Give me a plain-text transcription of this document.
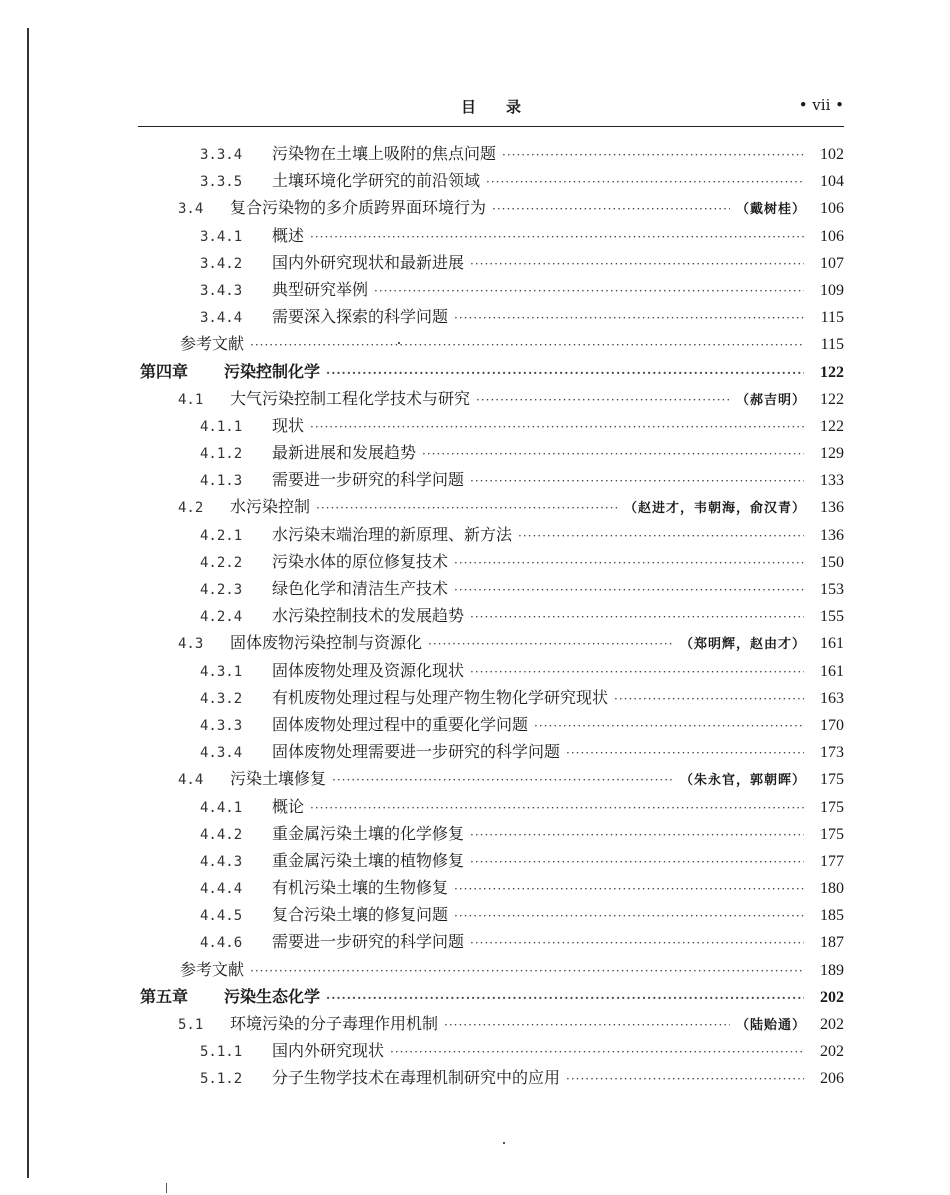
目录	• vii •
3.3.4	污染物在土壤上吸附的焦点问题 ·····	102
3.3.5	土壤环境化学研究的前沿领域 ·····	104
3.4	复合污染物的多介质跨界面环境行为 ·····	（戴树桂） 106
3.4.1	概述 ·····	106
3.4.2	国内外研究现状和最新进展 ·····	107
3.4.3	典型研究举例 ·····	109
3.4.4	需要深入探索的科学问题 ·····	115
参考文献 ·····	115
第四章	污染控制化学 ·····	122
4.1	大气污染控制工程化学技术与研究 ·····	（郝吉明） 122
4.1.1	现状 ·····	122
4.1.2	最新进展和发展趋势 ·····	129
4.1.3	需要进一步研究的科学问题 ·····	133
4.2	水污染控制 ·····	（赵进才，韦朝海，俞汉青） 136
4.2.1	水污染末端治理的新原理、新方法 ·····	136
4.2.2	污染水体的原位修复技术 ·····	150
4.2.3	绿色化学和清洁生产技术 ·····	153
4.2.4	水污染控制技术的发展趋势 ·····	155
4.3	固体废物污染控制与资源化 ·····	（郑明辉，赵由才） 161
4.3.1	固体废物处理及资源化现状 ·····	161
4.3.2	有机废物处理过程与处理产物生物化学研究现状 ·····	163
4.3.3	固体废物处理过程中的重要化学问题 ·····	170
4.3.4	固体废物处理需要进一步研究的科学问题 ·····	173
4.4	污染土壤修复 ·····	（朱永官，郭朝晖） 175
4.4.1	概论 ·····	175
4.4.2	重金属污染土壤的化学修复 ·····	175
4.4.3	重金属污染土壤的植物修复 ·····	177
4.4.4	有机污染土壤的生物修复 ·····	180
4.4.5	复合污染土壤的修复问题 ·····	185
4.4.6	需要进一步研究的科学问题 ·····	187
参考文献 ·····	189
第五章	污染生态化学 ·····	202
5.1	环境污染的分子毒理作用机制 ·····	（陆贻通） 202
5.1.1	国内外研究现状 ·····	202
5.1.2	分子生物学技术在毒理机制研究中的应用 ·····	206
